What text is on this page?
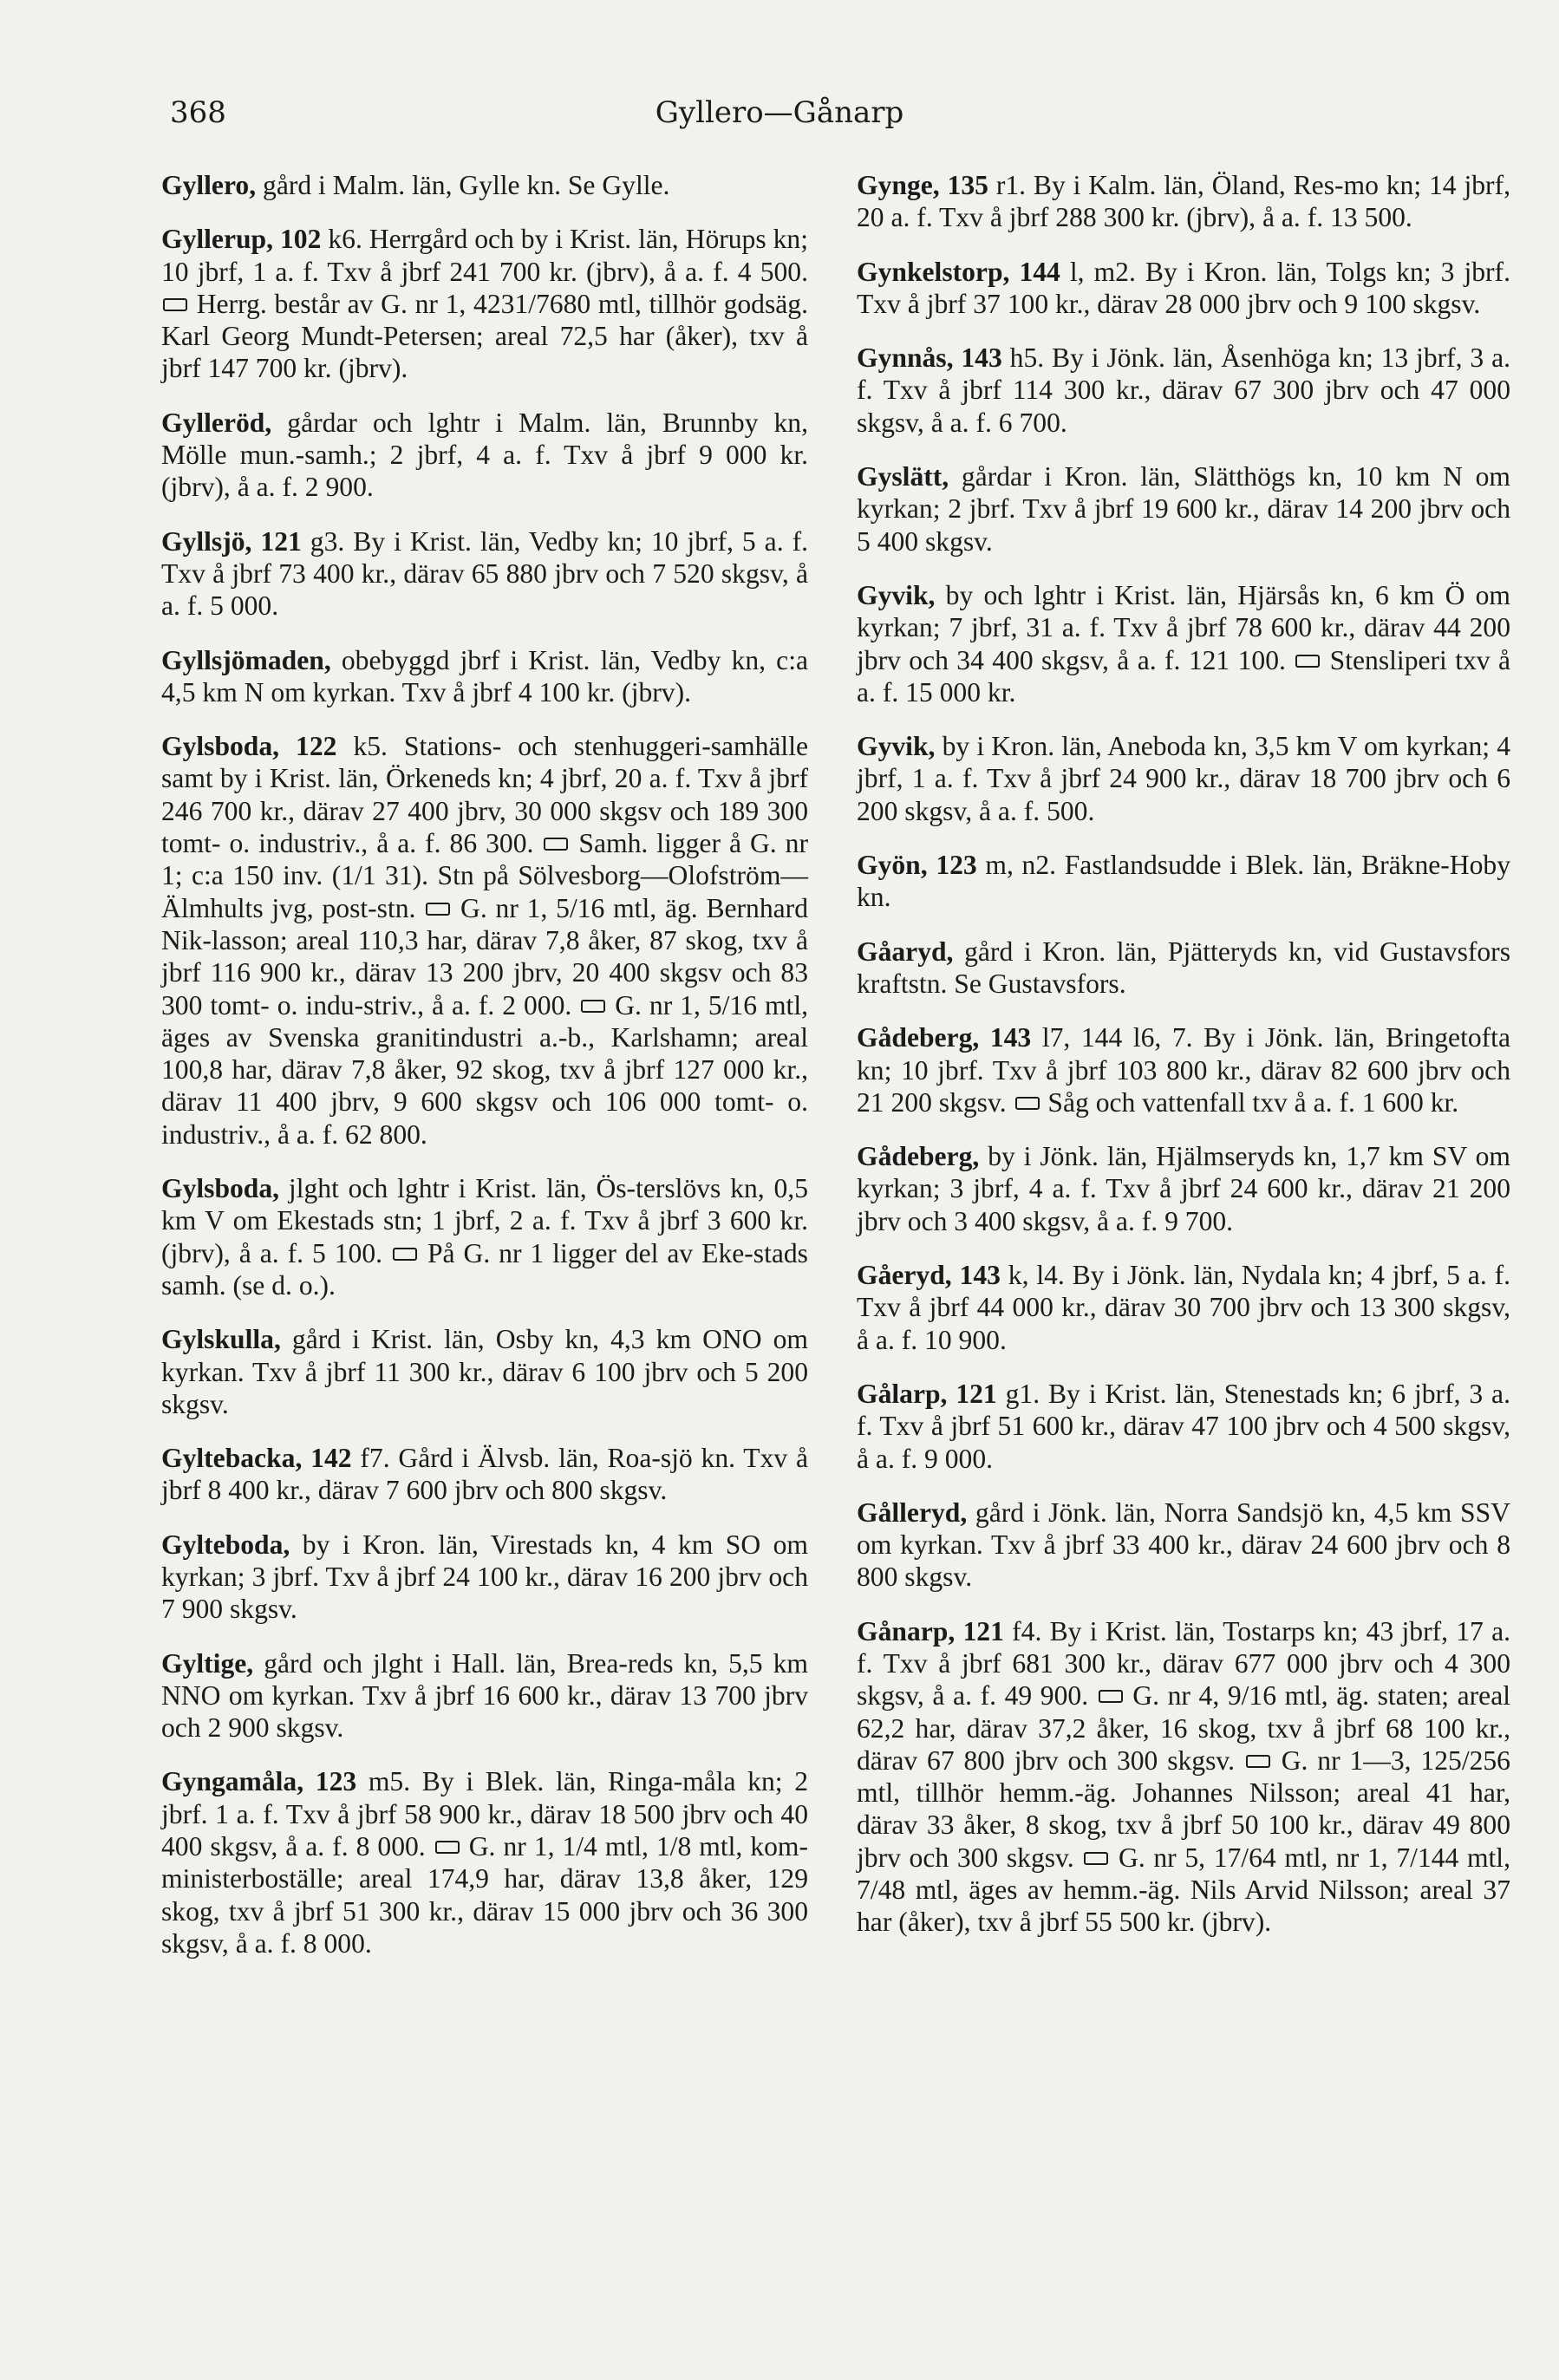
368	Gyllero—Gånarp

Gyllero, gård i Malm. län, Gylle kn. Se Gylle.

Gyllerup, 102 k6. Herrgård och by i Krist. län, Hörups kn; 10 jbrf, 1 a. f. Txv å jbrf 241 700 kr. (jbrv), å a. f. 4 500.  Herrg. består av G. nr 1, 4231/7680 mtl, tillhör godsäg. Karl Georg Mundt-Petersen; areal 72,5 har (åker), txv å jbrf 147 700 kr. (jbrv).

Gylleröd, gårdar och lghtr i Malm. län, Brunnby kn, Mölle mun.-samh.; 2 jbrf, 4 a. f. Txv å jbrf 9 000 kr. (jbrv), å a. f. 2 900.

Gyllsjö, 121 g3. By i Krist. län, Vedby kn; 10 jbrf, 5 a. f. Txv å jbrf 73 400 kr., därav 65 880 jbrv och 7 520 skgsv, å a. f. 5 000.

Gyllsjömaden, obebyggd jbrf i Krist. län, Vedby kn, c:a 4,5 km N om kyrkan. Txv å jbrf 4 100 kr. (jbrv).

Gylsboda, 122 k5. Stations- och stenhuggeri-samhälle samt by i Krist. län, Örkeneds kn; 4 jbrf, 20 a. f. Txv å jbrf 246 700 kr., därav 27 400 jbrv, 30 000 skgsv och 189 300 tomt- o. industriv., å a. f. 86 300.  Samh. ligger å G. nr 1; c:a 150 inv. (1/1 31). Stn på Sölvesborg—Olofström—Älmhults jvg, post-stn.  G. nr 1, 5/16 mtl, äg. Bernhard Nik-lasson; areal 110,3 har, därav 7,8 åker, 87 skog, txv å jbrf 116 900 kr., därav 13 200 jbrv, 20 400 skgsv och 83 300 tomt- o. indu-striv., å a. f. 2 000.  G. nr 1, 5/16 mtl, äges av Svenska granitindustri a.-b., Karlshamn; areal 100,8 har, därav 7,8 åker, 92 skog, txv å jbrf 127 000 kr., därav 11 400 jbrv, 9 600 skgsv och 106 000 tomt- o. industriv., å a. f. 62 800.

Gylsboda, jlght och lghtr i Krist. län, Ös-terslövs kn, 0,5 km V om Ekestads stn; 1 jbrf, 2 a. f. Txv å jbrf 3 600 kr. (jbrv), å a. f. 5 100.  På G. nr 1 ligger del av Eke-stads samh. (se d. o.).

Gylskulla, gård i Krist. län, Osby kn, 4,3 km ONO om kyrkan. Txv å jbrf 11 300 kr., därav 6 100 jbrv och 5 200 skgsv.

Gyltebacka, 142 f7. Gård i Älvsb. län, Roa-sjö kn. Txv å jbrf 8 400 kr., därav 7 600 jbrv och 800 skgsv.

Gylteboda, by i Kron. län, Virestads kn, 4 km SO om kyrkan; 3 jbrf. Txv å jbrf 24 100 kr., därav 16 200 jbrv och 7 900 skgsv.

Gyltige, gård och jlght i Hall. län, Brea-reds kn, 5,5 km NNO om kyrkan. Txv å jbrf 16 600 kr., därav 13 700 jbrv och 2 900 skgsv.

Gyngamåla, 123 m5. By i Blek. län, Ringa-måla kn; 2 jbrf. 1 a. f. Txv å jbrf 58 900 kr., därav 18 500 jbrv och 40 400 skgsv, å a. f. 8 000.  G. nr 1, 1/4 mtl, 1/8 mtl, kom-ministerboställe; areal 174,9 har, därav 13,8 åker, 129 skog, txv å jbrf 51 300 kr., därav 15 000 jbrv och 36 300 skgsv, å a. f. 8 000.

Gynge, 135 r1. By i Kalm. län, Öland, Res-mo kn; 14 jbrf, 20 a. f. Txv å jbrf 288 300 kr. (jbrv), å a. f. 13 500.

Gynkelstorp, 144 l, m2. By i Kron. län, Tolgs kn; 3 jbrf. Txv å jbrf 37 100 kr., därav 28 000 jbrv och 9 100 skgsv.

Gynnås, 143 h5. By i Jönk. län, Åsenhöga kn; 13 jbrf, 3 a. f. Txv å jbrf 114 300 kr., därav 67 300 jbrv och 47 000 skgsv, å a. f. 6 700.

Gyslätt, gårdar i Kron. län, Slätthögs kn, 10 km N om kyrkan; 2 jbrf. Txv å jbrf 19 600 kr., därav 14 200 jbrv och 5 400 skgsv.

Gyvik, by och lghtr i Krist. län, Hjärsås kn, 6 km Ö om kyrkan; 7 jbrf, 31 a. f. Txv å jbrf 78 600 kr., därav 44 200 jbrv och 34 400 skgsv, å a. f. 121 100.  Stensliperi txv å a. f. 15 000 kr.

Gyvik, by i Kron. län, Aneboda kn, 3,5 km V om kyrkan; 4 jbrf, 1 a. f. Txv å jbrf 24 900 kr., därav 18 700 jbrv och 6 200 skgsv, å a. f. 500.

Gyön, 123 m, n2. Fastlandsudde i Blek. län, Bräkne-Hoby kn.

Gåaryd, gård i Kron. län, Pjätteryds kn, vid Gustavsfors kraftstn. Se Gustavsfors.

Gådeberg, 143 l7, 144 l6, 7. By i Jönk. län, Bringetofta kn; 10 jbrf. Txv å jbrf 103 800 kr., därav 82 600 jbrv och 21 200 skgsv.  Såg och vattenfall txv å a. f. 1 600 kr.

Gådeberg, by i Jönk. län, Hjälmseryds kn, 1,7 km SV om kyrkan; 3 jbrf, 4 a. f. Txv å jbrf 24 600 kr., därav 21 200 jbrv och 3 400 skgsv, å a. f. 9 700.

Gåeryd, 143 k, l4. By i Jönk. län, Nydala kn; 4 jbrf, 5 a. f. Txv å jbrf 44 000 kr., därav 30 700 jbrv och 13 300 skgsv, å a. f. 10 900.

Gålarp, 121 g1. By i Krist. län, Stenestads kn; 6 jbrf, 3 a. f. Txv å jbrf 51 600 kr., därav 47 100 jbrv och 4 500 skgsv, å a. f. 9 000.

Gålleryd, gård i Jönk. län, Norra Sandsjö kn, 4,5 km SSV om kyrkan. Txv å jbrf 33 400 kr., därav 24 600 jbrv och 8 800 skgsv.

Gånarp, 121 f4. By i Krist. län, Tostarps kn; 43 jbrf, 17 a. f. Txv å jbrf 681 300 kr., därav 677 000 jbrv och 4 300 skgsv, å a. f. 49 900.  G. nr 4, 9/16 mtl, äg. staten; areal 62,2 har, därav 37,2 åker, 16 skog, txv å jbrf 68 100 kr., därav 67 800 jbrv och 300 skgsv.  G. nr 1—3, 125/256 mtl, tillhör hemm.-äg. Johannes Nilsson; areal 41 har, därav 33 åker, 8 skog, txv å jbrf 50 100 kr., därav 49 800 jbrv och 300 skgsv.  G. nr 5, 17/64 mtl, nr 1, 7/144 mtl, 7/48 mtl, äges av hemm.-äg. Nils Arvid Nilsson; areal 37 har (åker), txv å jbrf 55 500 kr. (jbrv).
